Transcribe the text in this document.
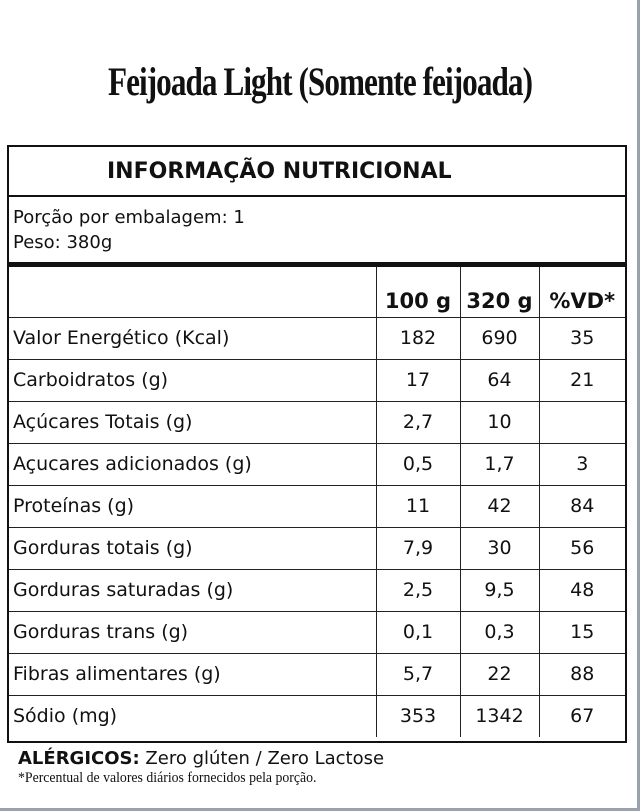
Feijoada Light (Somente feijoada)
INFORMAÇÃO NUTRICIONAL
Porção por embalagem: 1
Peso: 380g
	100 g	320 g	%VD*
Valor Energético (Kcal)	182	690	35
Carboidratos (g)	17	64	21
Açúcares Totais (g)	2,7	10	
Açucares adicionados (g)	0,5	1,7	3
Proteínas (g)	11	42	84
Gorduras totais (g)	7,9	30	56
Gorduras saturadas (g)	2,5	9,5	48
Gorduras trans (g)	0,1	0,3	15
Fibras alimentares (g)	5,7	22	88
Sódio (mg)	353	1342	67
ALÉRGICOS: Zero glúten / Zero Lactose
*Percentual de valores diários fornecidos pela porção.
